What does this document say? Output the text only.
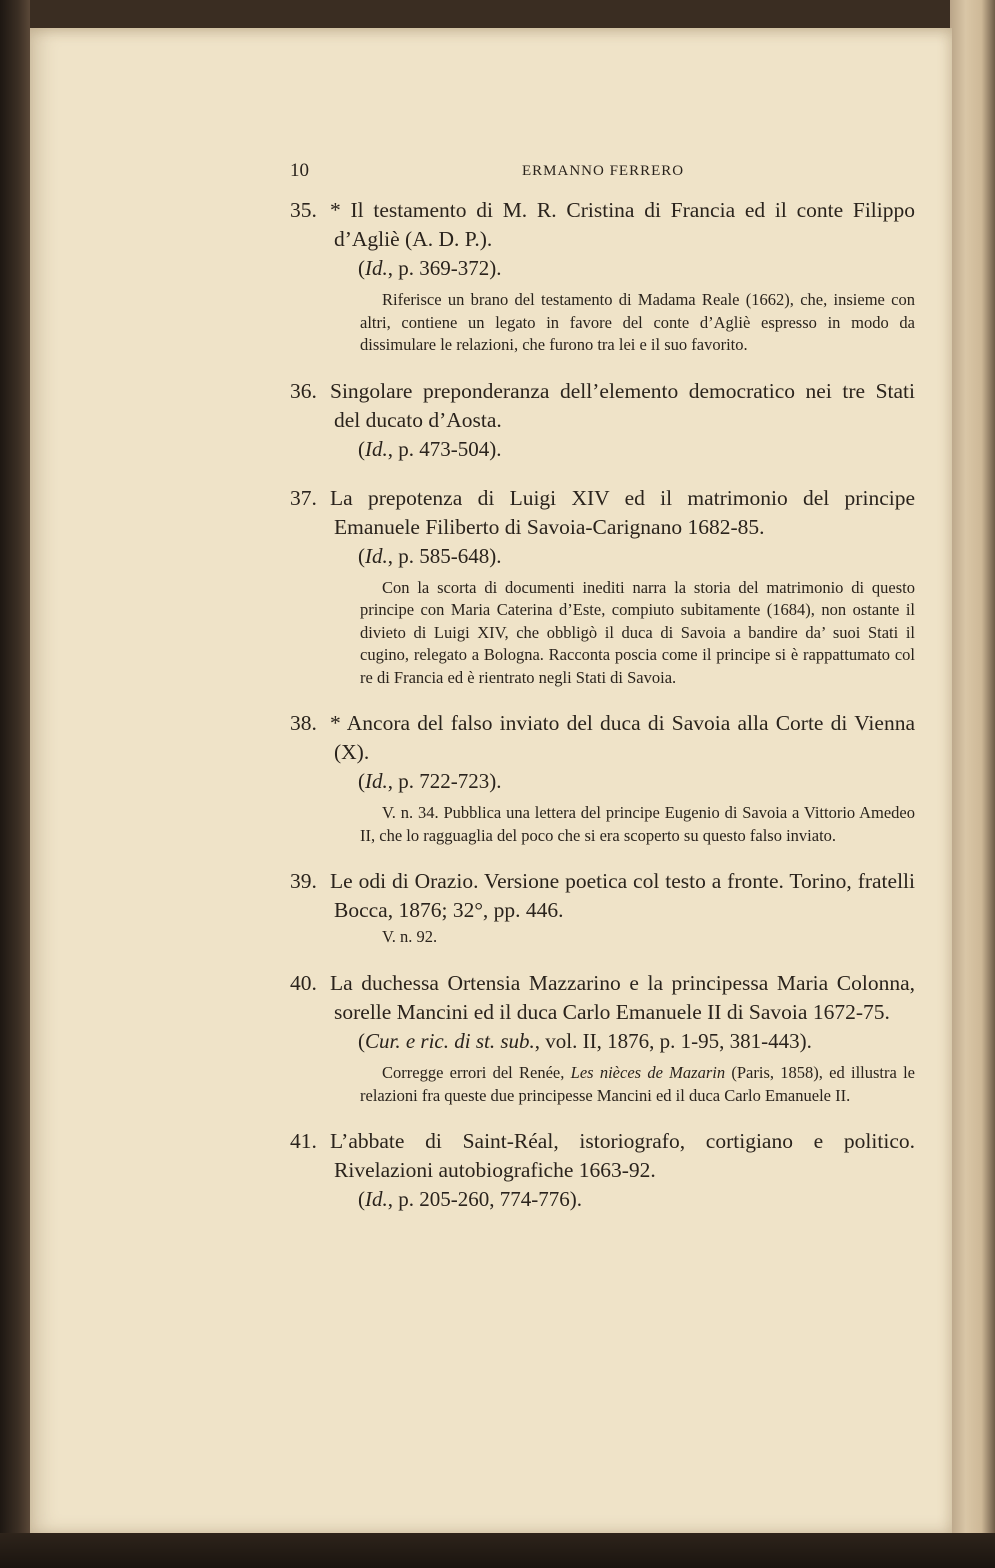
10	ERMANNO FERRERO
35. * Il testamento di M. R. Cristina di Francia ed il conte Filippo d’Agliè (A. D. P.).
(Id., p. 369-372).
Riferisce un brano del testamento di Madama Reale (1662), che, insieme con altri, contiene un legato in favore del conte d’Agliè espresso in modo da dissimulare le relazioni, che furono tra lei e il suo favorito.
36. Singolare preponderanza dell’elemento democratico nei tre Stati del ducato d’Aosta.
(Id., p. 473-504).
37. La prepotenza di Luigi XIV ed il matrimonio del principe Emanuele Filiberto di Savoia-Carignano 1682-85.
(Id., p. 585-648).
Con la scorta di documenti inediti narra la storia del matrimonio di questo principe con Maria Caterina d’Este, compiuto subitamente (1684), non ostante il divieto di Luigi XIV, che obbligò il duca di Savoia a bandire da’ suoi Stati il cugino, relegato a Bologna. Racconta poscia come il principe si è rappattumato col re di Francia ed è rientrato negli Stati di Savoia.
38. * Ancora del falso inviato del duca di Savoia alla Corte di Vienna (X).
(Id., p. 722-723).
V. n. 34. Pubblica una lettera del principe Eugenio di Savoia a Vittorio Amedeo II, che lo ragguaglia del poco che si era scoperto su questo falso inviato.
39. Le odi di Orazio. Versione poetica col testo a fronte. Torino, fratelli Bocca, 1876; 32°, pp. 446.
V. n. 92.
40. La duchessa Ortensia Mazzarino e la principessa Maria Colonna, sorelle Mancini ed il duca Carlo Emanuele II di Savoia 1672-75.
(Cur. e ric. di st. sub., vol. II, 1876, p. 1-95, 381-443).
Corregge errori del Renée, Les nièces de Mazarin (Paris, 1858), ed illustra le relazioni fra queste due principesse Mancini ed il duca Carlo Emanuele II.
41. L’abbate di Saint-Réal, istoriografo, cortigiano e politico. Rivelazioni autobiografiche 1663-92.
(Id., p. 205-260, 774-776).
